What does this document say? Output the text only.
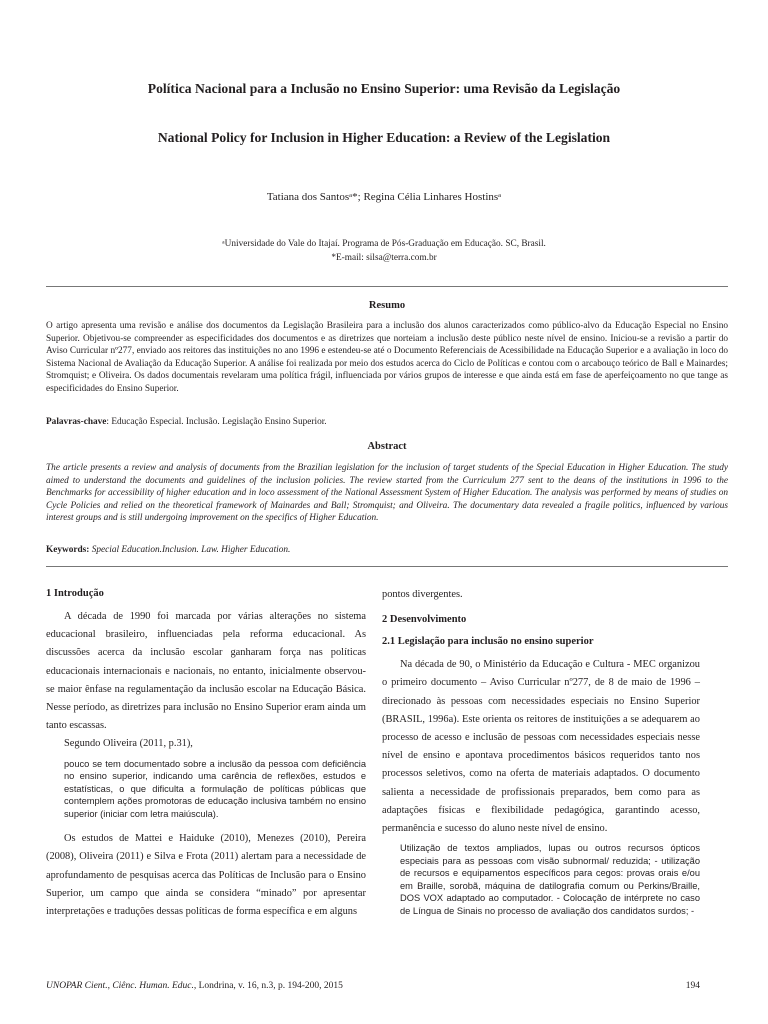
Política Nacional para a Inclusão no Ensino Superior: uma Revisão da Legislação
National Policy for Inclusion in Higher Education: a Review of the Legislation
Tatiana dos Santosᵃ*; Regina Célia Linhares Hostinsᵃ
ᵃUniversidade do Vale do Itajaí. Programa de Pós-Graduação em Educação. SC, Brasil.
*E-mail: silsa@terra.com.br
Resumo
O artigo apresenta uma revisão e análise dos documentos da Legislação Brasileira para a inclusão dos alunos caracterizados como público-alvo da Educação Especial no Ensino Superior. Objetivou-se compreender as especificidades dos documentos e as diretrizes que norteiam a inclusão deste público neste nível de ensino. Iniciou-se a revisão a partir do Aviso Curricular nº277, enviado aos reitores das instituições no ano 1996 e estendeu-se até o Documento Referenciais de Acessibilidade na Educação Superior e a avaliação in loco do Sistema Nacional de Avaliação da Educação Superior. A análise foi realizada por meio dos estudos acerca do Ciclo de Políticas e contou com o arcabouço teórico de Ball e Mainardes; Stromquist; e Oliveira. Os dados documentais revelaram uma política frágil, influenciada por vários grupos de interesse e que ainda está em fase de aperfeiçoamento no que tange as especificidades do Ensino Superior.
Palavras-chave: Educação Especial. Inclusão. Legislação Ensino Superior.
Abstract
The article presents a review and analysis of documents from the Brazilian legislation for the inclusion of target students of the Special Education in Higher Education. The study aimed to understand the documents and guidelines of the inclusion policies. The review started from the Curriculum 277 sent to the deans of the institutions in 1996 to the Benchmarks for accessibility of higher education and in loco assessment of the National Assessment System of Higher Education. The analysis was performed by means of studies on Cycle Policies and relied on the theoretical framework of Mainardes and Ball; Stromquist; and Oliveira. The documentary data revealed a fragile politics, influenced by various interest groups and is still undergoing improvement on the specifics of Higher Education.
Keywords: Special Education.Inclusion. Law. Higher Education.
1 Introdução

A década de 1990 foi marcada por várias alterações no sistema educacional brasileiro, influenciadas pela reforma educacional. As discussões acerca da inclusão escolar ganharam força nas políticas educacionais internacionais e nacionais, no entanto, inicialmente observou-se maior ênfase na regulamentação da inclusão escolar na Educação Básica. Nesse período, as diretrizes para inclusão no Ensino Superior eram ainda um tanto escassas.

Segundo Oliveira (2011, p.31),

pouco se tem documentado sobre a inclusão da pessoa com deficiência no ensino superior, indicando uma carência de reflexões, estudos e estatísticas, o que dificulta a formulação de políticas públicas que contemplem ações promotoras de educação inclusiva também no ensino superior (iniciar com letra maiúscula).

Os estudos de Mattei e Haiduke (2010), Menezes (2010), Pereira (2008), Oliveira (2011) e Silva e Frota (2011) alertam para a necessidade de aprofundamento de pesquisas acerca das Políticas de Inclusão para o Ensino Superior, um campo que ainda se considera “minado” por apresentar interpretações e traduções dessas políticas de forma específica e em alguns

pontos divergentes.

2 Desenvolvimento
2.1 Legislação para inclusão no ensino superior

Na década de 90, o Ministério da Educação e Cultura - MEC organizou o primeiro documento – Aviso Curricular nº277, de 8 de maio de 1996 – direcionado às pessoas com necessidades especiais no Ensino Superior (BRASIL, 1996a). Este orienta os reitores de instituições a se adequarem ao processo de acesso e inclusão de pessoas com necessidades especiais nesse nível de ensino e apontava procedimentos básicos requeridos tanto nos processos seletivos, como na oferta de materiais adaptados. O documento salienta a necessidade de profissionais preparados, bem como para as adaptações físicas e flexibilidade pedagógica, garantindo acesso, permanência e sucesso do aluno neste nível de ensino.

Utilização de textos ampliados, lupas ou outros recursos ópticos especiais para as pessoas com visão subnormal/ reduzida; - utilização de recursos e equipamentos específicos para cegos: provas orais e/ou em Braille, sorobã, máquina de datilografia comum ou Perkins/Braille, DOS VOX adaptado ao computador. - Colocação de intérprete no caso de Língua de Sinais no processo de avaliação dos candidatos surdos; -
UNOPAR Cient., Ciênc. Human. Educ., Londrina, v. 16, n.3, p. 194-200, 2015	194
